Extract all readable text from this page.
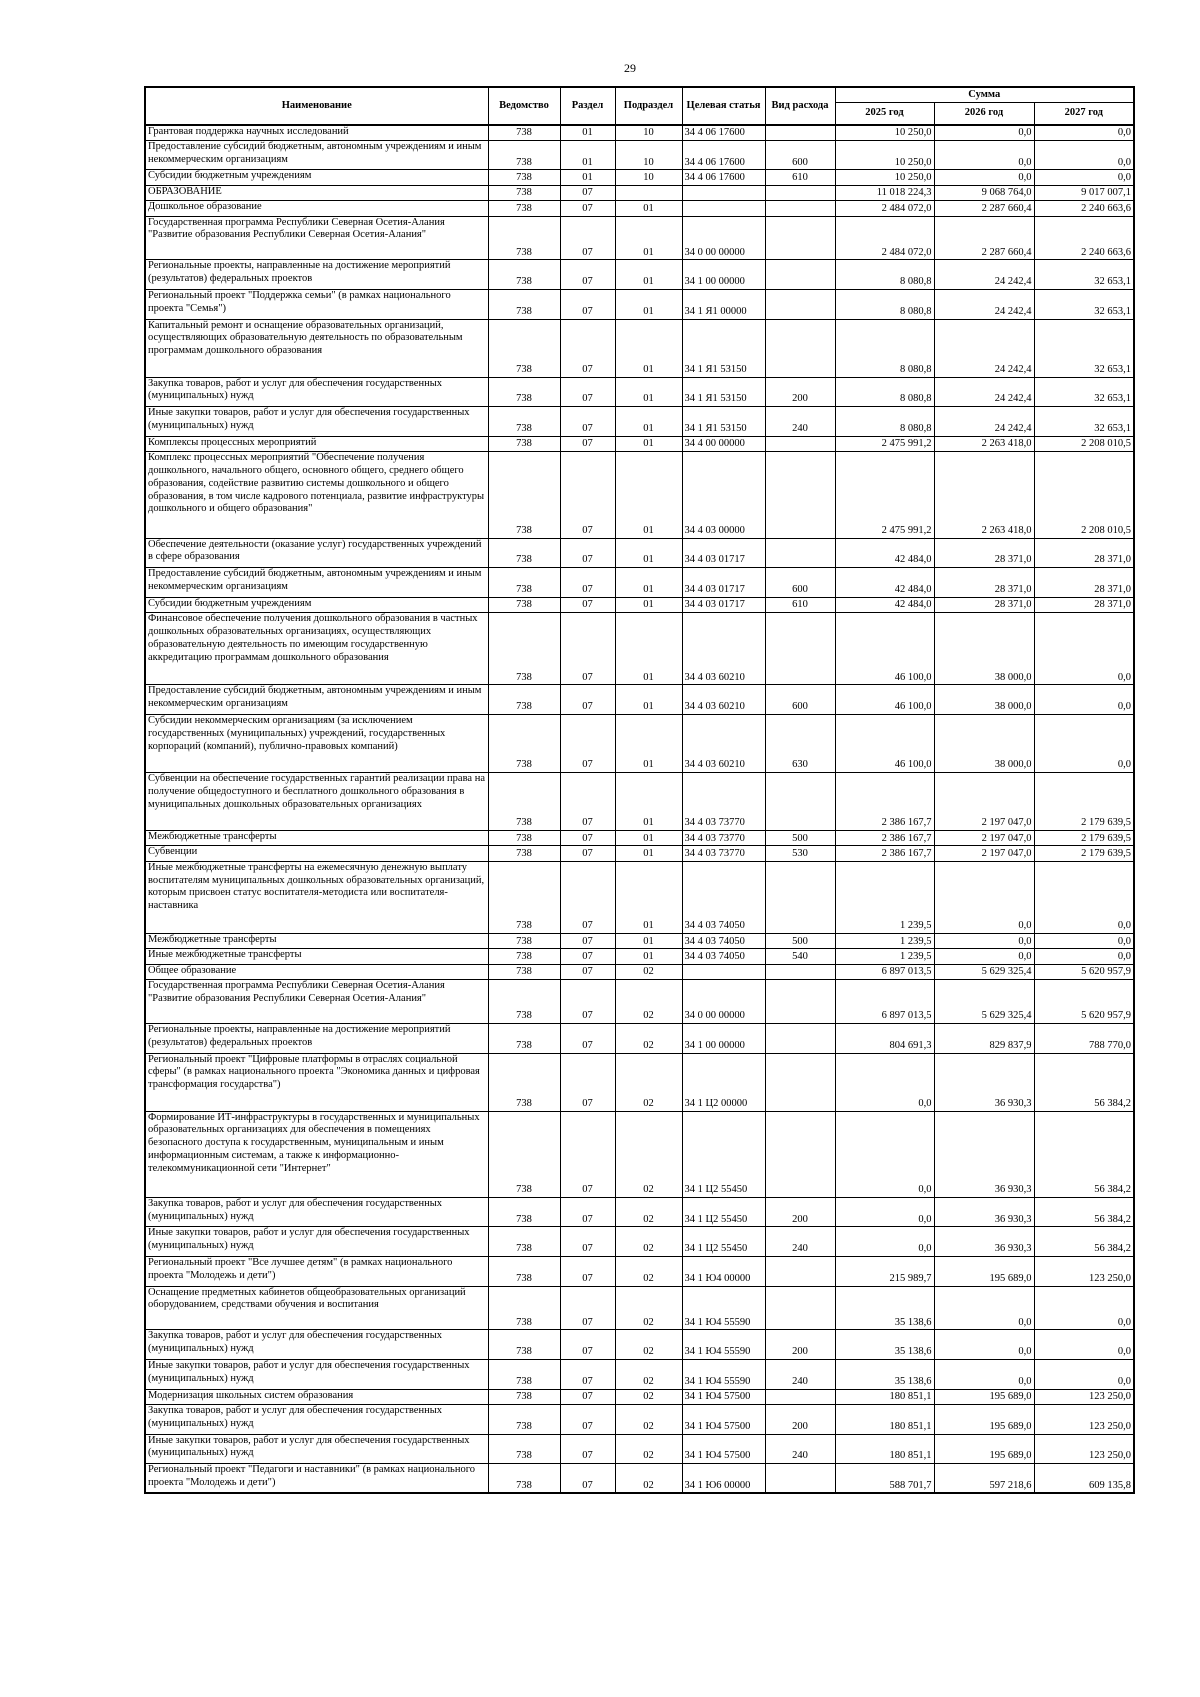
29
Наименование	Ведомство	Раздел	Подраздел	Целевая статья	Вид расхода	Сумма		
						2025 год	2026 год	2027 год
Грантовая поддержка научных исследований	738	01	10	34 4 06 17600		10 250,0	0,0	0,0
Предоставление субсидий бюджетным, автономным учреждениям и иным некоммерческим организациям	738	01	10	34 4 06 17600	600	10 250,0	0,0	0,0
Субсидии бюджетным учреждениям	738	01	10	34 4 06 17600	610	10 250,0	0,0	0,0
ОБРАЗОВАНИЕ	738	07				11 018 224,3	9 068 764,0	9 017 007,1
Дошкольное образование	738	07	01			2 484 072,0	2 287 660,4	2 240 663,6
Государственная программа Республики Северная Осетия-Алания "Развитие образования Республики Северная Осетия-Алания"	738	07	01	34 0 00 00000		2 484 072,0	2 287 660,4	2 240 663,6
Региональные проекты, направленные на достижение мероприятий (результатов) федеральных проектов	738	07	01	34 1 00 00000		8 080,8	24 242,4	32 653,1
Региональный проект "Поддержка семьи" (в рамках национального проекта "Семья")	738	07	01	34 1 Я1 00000		8 080,8	24 242,4	32 653,1
Капитальный ремонт и оснащение образовательных организаций, осуществляющих образовательную деятельность по образовательным программам дошкольного образования	738	07	01	34 1 Я1 53150		8 080,8	24 242,4	32 653,1
Закупка товаров, работ и услуг для обеспечения государственных (муниципальных) нужд	738	07	01	34 1 Я1 53150	200	8 080,8	24 242,4	32 653,1
Иные закупки товаров, работ и услуг для обеспечения государственных (муниципальных) нужд	738	07	01	34 1 Я1 53150	240	8 080,8	24 242,4	32 653,1
Комплексы процессных мероприятий	738	07	01	34 4 00 00000		2 475 991,2	2 263 418,0	2 208 010,5
Комплекс процессных мероприятий "Обеспечение получения дошкольного, начального общего, основного общего, среднего общего образования, содействие развитию системы дошкольного и общего образования, в том числе кадрового потенциала, развитие инфраструктуры дошкольного и общего образования"	738	07	01	34 4 03 00000		2 475 991,2	2 263 418,0	2 208 010,5
Обеспечение деятельности (оказание услуг) государственных учреждений в сфере образования	738	07	01	34 4 03 01717		42 484,0	28 371,0	28 371,0
Предоставление субсидий бюджетным, автономным учреждениям и иным некоммерческим организациям	738	07	01	34 4 03 01717	600	42 484,0	28 371,0	28 371,0
Субсидии бюджетным учреждениям	738	07	01	34 4 03 01717	610	42 484,0	28 371,0	28 371,0
Финансовое обеспечение получения дошкольного образования в частных дошкольных образовательных организациях, осуществляющих образовательную деятельность по имеющим государственную аккредитацию программам дошкольного образования	738	07	01	34 4 03 60210		46 100,0	38 000,0	0,0
Предоставление субсидий бюджетным, автономным учреждениям и иным некоммерческим организациям	738	07	01	34 4 03 60210	600	46 100,0	38 000,0	0,0
Субсидии некоммерческим организациям (за исключением государственных (муниципальных) учреждений, государственных корпораций (компаний), публично-правовых компаний)	738	07	01	34 4 03 60210	630	46 100,0	38 000,0	0,0
Субвенции на обеспечение государственных гарантий реализации права на получение общедоступного и бесплатного дошкольного образования в муниципальных дошкольных образовательных организациях	738	07	01	34 4 03 73770		2 386 167,7	2 197 047,0	2 179 639,5
Межбюджетные трансферты	738	07	01	34 4 03 73770	500	2 386 167,7	2 197 047,0	2 179 639,5
Субвенции	738	07	01	34 4 03 73770	530	2 386 167,7	2 197 047,0	2 179 639,5
Иные межбюджетные трансферты на ежемесячную денежную выплату воспитателям муниципальных дошкольных образовательных организаций, которым присвоен статус воспитателя-методиста или воспитателя-наставника	738	07	01	34 4 03 74050		1 239,5	0,0	0,0
Межбюджетные трансферты	738	07	01	34 4 03 74050	500	1 239,5	0,0	0,0
Иные межбюджетные трансферты	738	07	01	34 4 03 74050	540	1 239,5	0,0	0,0
Общее образование	738	07	02			6 897 013,5	5 629 325,4	5 620 957,9
Государственная программа Республики Северная Осетия-Алания "Развитие образования Республики Северная Осетия-Алания"	738	07	02	34 0 00 00000		6 897 013,5	5 629 325,4	5 620 957,9
Региональные проекты, направленные на достижение мероприятий (результатов) федеральных проектов	738	07	02	34 1 00 00000		804 691,3	829 837,9	788 770,0
Региональный проект "Цифровые платформы в отраслях социальной сферы" (в рамках национального проекта "Экономика данных и цифровая трансформация государства")	738	07	02	34 1 Ц2 00000		0,0	36 930,3	56 384,2
Формирование ИТ-инфраструктуры в государственных и муниципальных образовательных организациях для обеспечения в помещениях безопасного доступа к государственным, муниципальным и иным информационным системам, а также к информационно-телекоммуникационной сети "Интернет"	738	07	02	34 1 Ц2 55450		0,0	36 930,3	56 384,2
Закупка товаров, работ и услуг для обеспечения государственных (муниципальных) нужд	738	07	02	34 1 Ц2 55450	200	0,0	36 930,3	56 384,2
Иные закупки товаров, работ и услуг для обеспечения государственных (муниципальных) нужд	738	07	02	34 1 Ц2 55450	240	0,0	36 930,3	56 384,2
Региональный проект "Все лучшее детям" (в рамках национального проекта "Молодежь и дети")	738	07	02	34 1 Ю4 00000		215 989,7	195 689,0	123 250,0
Оснащение предметных кабинетов общеобразовательных организаций оборудованием, средствами обучения и воспитания	738	07	02	34 1 Ю4 55590		35 138,6	0,0	0,0
Закупка товаров, работ и услуг для обеспечения государственных (муниципальных) нужд	738	07	02	34 1 Ю4 55590	200	35 138,6	0,0	0,0
Иные закупки товаров, работ и услуг для обеспечения государственных (муниципальных) нужд	738	07	02	34 1 Ю4 55590	240	35 138,6	0,0	0,0
Модернизация школьных систем образования	738	07	02	34 1 Ю4 57500		180 851,1	195 689,0	123 250,0
Закупка товаров, работ и услуг для обеспечения государственных (муниципальных) нужд	738	07	02	34 1 Ю4 57500	200	180 851,1	195 689,0	123 250,0
Иные закупки товаров, работ и услуг для обеспечения государственных (муниципальных) нужд	738	07	02	34 1 Ю4 57500	240	180 851,1	195 689,0	123 250,0
Региональный проект "Педагоги и наставники" (в рамках национального проекта "Молодежь и дети")	738	07	02	34 1 Ю6 00000		588 701,7	597 218,6	609 135,8
